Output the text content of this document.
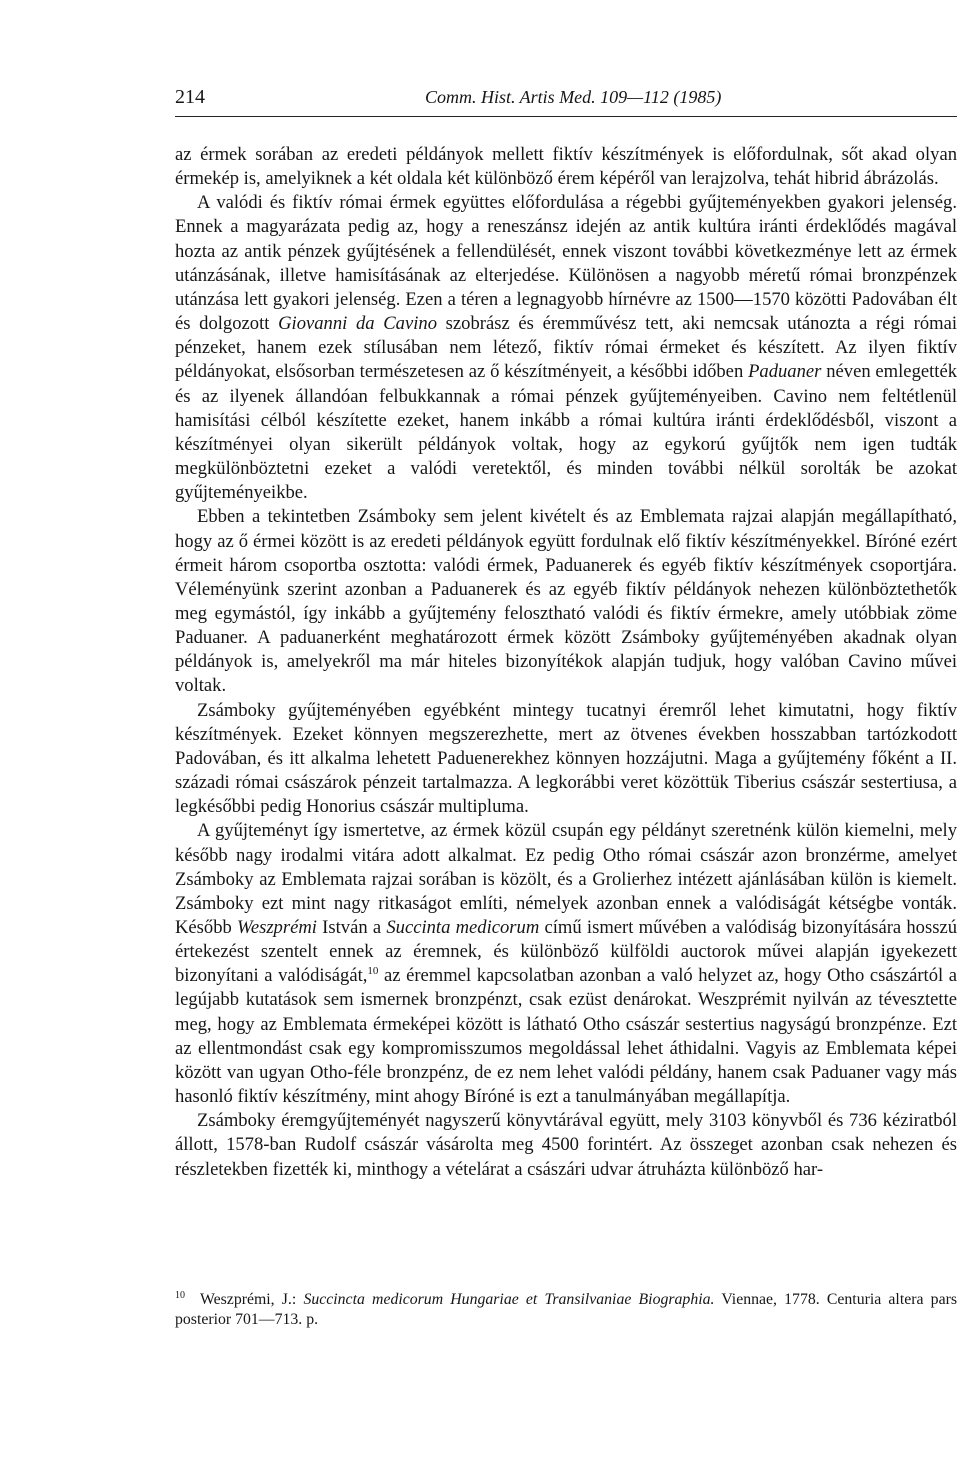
214	Comm. Hist. Artis Med. 109—112 (1985)

az érmek sorában az eredeti példányok mellett fiktív készítmények is előfordulnak, sőt akad olyan érmekép is, amelyiknek a két oldala két különböző érem képéről van lerajzolva, tehát hibrid ábrázolás.

A valódi és fiktív római érmek együttes előfordulása a régebbi gyűjteményekben gyakori jelenség. Ennek a magyarázata pedig az, hogy a reneszánsz idején az antik kultúra iránti érdeklődés magával hozta az antik pénzek gyűjtésének a fellendülését, ennek viszont további következménye lett az érmek utánzásának, illetve hamisításának az elterjedése. Különösen a nagyobb méretű római bronzpénzek utánzása lett gyakori jelenség. Ezen a téren a legnagyobb hírnévre az 1500—1570 közötti Padovában élt és dolgozott Giovanni da Cavino szobrász és éremművész tett, aki nemcsak utánozta a régi római pénzeket, hanem ezek stílusában nem létező, fiktív római érmeket és készített. Az ilyen fiktív példányokat, elsősorban természetesen az ő készítményeit, a későbbi időben Paduaner néven emlegették és az ilyenek állandóan felbukkannak a római pénzek gyűjteményeiben. Cavino nem feltétlenül hamisítási célból készítette ezeket, hanem inkább a római kultúra iránti érdeklődésből, viszont a készítményei olyan sikerült példányok voltak, hogy az egykorú gyűjtők nem igen tudták megkülönböztetni ezeket a valódi veretektől, és minden további nélkül sorolták be azokat gyűjteményeikbe.

Ebben a tekintetben Zsámboky sem jelent kivételt és az Emblemata rajzai alapján megállapítható, hogy az ő érmei között is az eredeti példányok együtt fordulnak elő fiktív készítményekkel. Bíróné ezért érmeit három csoportba osztotta: valódi érmek, Paduanerek és egyéb fiktív készítmények csoportjára. Véleményünk szerint azonban a Paduanerek és az egyéb fiktív példányok nehezen különböztethetők meg egymástól, így inkább a gyűjtemény felosztható valódi és fiktív érmekre, amely utóbbiak zöme Paduaner. A paduanerként meghatározott érmek között Zsámboky gyűjteményében akadnak olyan példányok is, amelyekről ma már hiteles bizonyítékok alapján tudjuk, hogy valóban Cavino művei voltak.

Zsámboky gyűjteményében egyébként mintegy tucatnyi éremről lehet kimutatni, hogy fiktív készítmények. Ezeket könnyen megszerezhette, mert az ötvenes években hosszabban tartózkodott Padovában, és itt alkalma lehetett Paduenerekhez könnyen hozzájutni. Maga a gyűjtemény főként a II. századi római császárok pénzeit tartalmazza. A legkorábbi veret közöttük Tiberius császár sestertiusa, a legkésőbbi pedig Honorius császár multipluma.

A gyűjteményt így ismertetve, az érmek közül csupán egy példányt szeretnénk külön kiemelni, mely később nagy irodalmi vitára adott alkalmat. Ez pedig Otho római császár azon bronzérme, amelyet Zsámboky az Emblemata rajzai sorában is közölt, és a Grolierhez intézett ajánlásában külön is kiemelt. Zsámboky ezt mint nagy ritkaságot említi, némelyek azonban ennek a valódiságát kétségbe vonták. Később Weszprémi István a Succinta medicorum című ismert művében a valódiság bizonyítására hosszú értekezést szentelt ennek az éremnek, és különböző külföldi auctorok művei alapján igyekezett bizonyítani a valódiságát,$^{10}$ az éremmel kapcsolatban azonban a való helyzet az, hogy Otho császártól a legújabb kutatások sem ismernek bronzpénzt, csak ezüst denárokat. Weszprémit nyilván az tévesztette meg, hogy az Emblemata érmeképei között is látható Otho császár sestertius nagyságú bronzpénze. Ezt az ellentmondást csak egy kompromisszumos megoldással lehet áthidalni. Vagyis az Emblemata képei között van ugyan Otho-féle bronzpénz, de ez nem lehet valódi példány, hanem csak Paduaner vagy más hasonló fiktív készítmény, mint ahogy Bíróné is ezt a tanulmányában megállapítja.

Zsámboky éremgyűjteményét nagyszerű könyvtárával együtt, mely 3103 könyvből és 736 kéziratból állott, 1578-ban Rudolf császár vásárolta meg 4500 forintért. Az összeget azonban csak nehezen és részletekben fizették ki, minthogy a vételárat a császári udvar átruházta különböző har-

10 Weszprémi, J.: Succincta medicorum Hungariae et Transilvaniae Biographia. Viennae, 1778. Centuria altera pars posterior 701—713. p.
